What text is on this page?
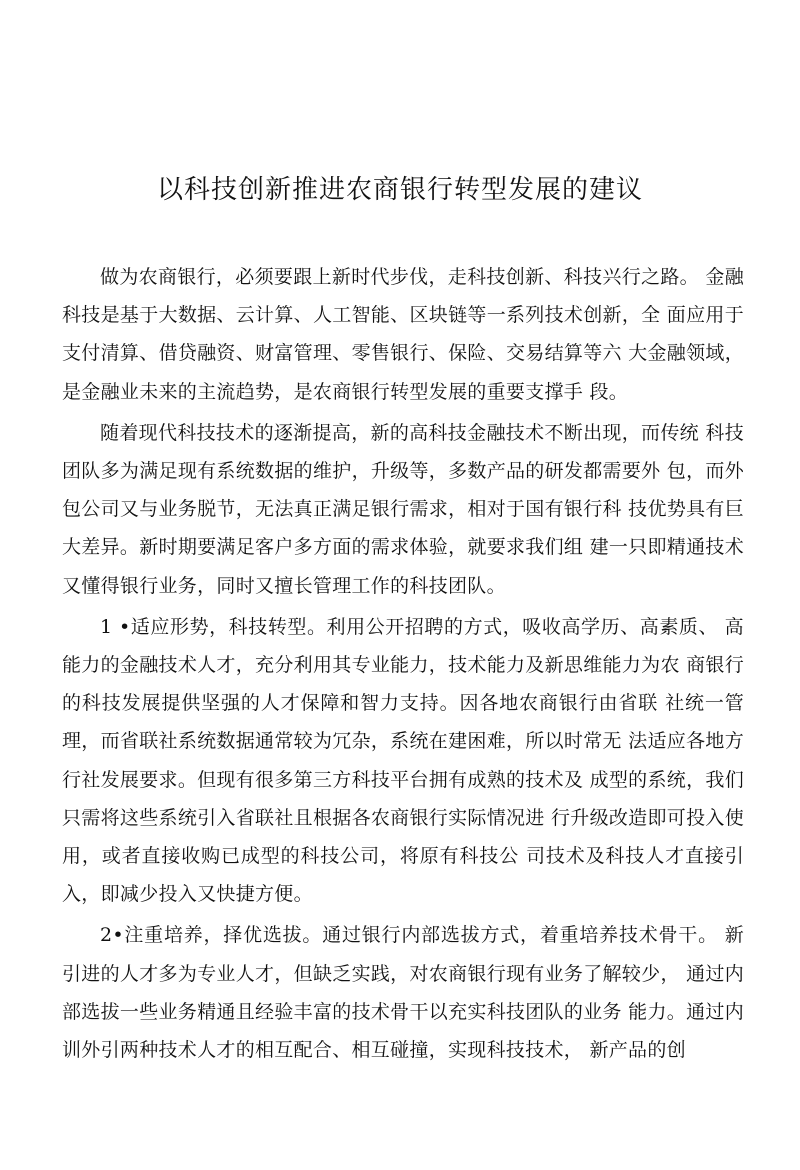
以科技创新推进农商银行转型发展的建议

做为农商银行，必须要跟上新时代步伐，走科技创新、科技兴行之路。 金融科技是基于大数据、云计算、人工智能、区块链等一系列技术创新，全 面应用于支付清算、借贷融资、财富管理、零售银行、保险、交易结算等六 大金融领域，是金融业未来的主流趋势，是农商银行转型发展的重要支撑手 段。

随着现代科技技术的逐渐提高，新的高科技金融技术不断出现，而传统 科技团队多为满足现有系统数据的维护，升级等，多数产品的研发都需要外 包，而外包公司又与业务脱节，无法真正满足银行需求，相对于国有银行科 技优势具有巨大差异。新时期要满足客户多方面的需求体验，就要求我们组 建一只即精通技术又懂得银行业务，同时又擅长管理工作的科技团队。

1 •适应形势，科技转型。利用公开招聘的方式，吸收高学历、高素质、 高能力的金融技术人才，充分利用其专业能力，技术能力及新思维能力为农 商银行的科技发展提供坚强的人才保障和智力支持。因各地农商银行由省联 社统一管理，而省联社系统数据通常较为冗杂，系统在建困难，所以时常无 法适应各地方行社发展要求。但现有很多第三方科技平台拥有成熟的技术及 成型的系统，我们只需将这些系统引入省联社且根据各农商银行实际情况进 行升级改造即可投入使用，或者直接收购已成型的科技公司，将原有科技公 司技术及科技人才直接引入，即减少投入又快捷方便。

2•注重培养，择优选拔。通过银行内部选拔方式，着重培养技术骨干。 新引进的人才多为专业人才，但缺乏实践，对农商银行现有业务了解较少， 通过内部选拔一些业务精通且经验丰富的技术骨干以充实科技团队的业务 能力。通过内训外引两种技术人才的相互配合、相互碰撞，实现科技技术， 新产品的创
